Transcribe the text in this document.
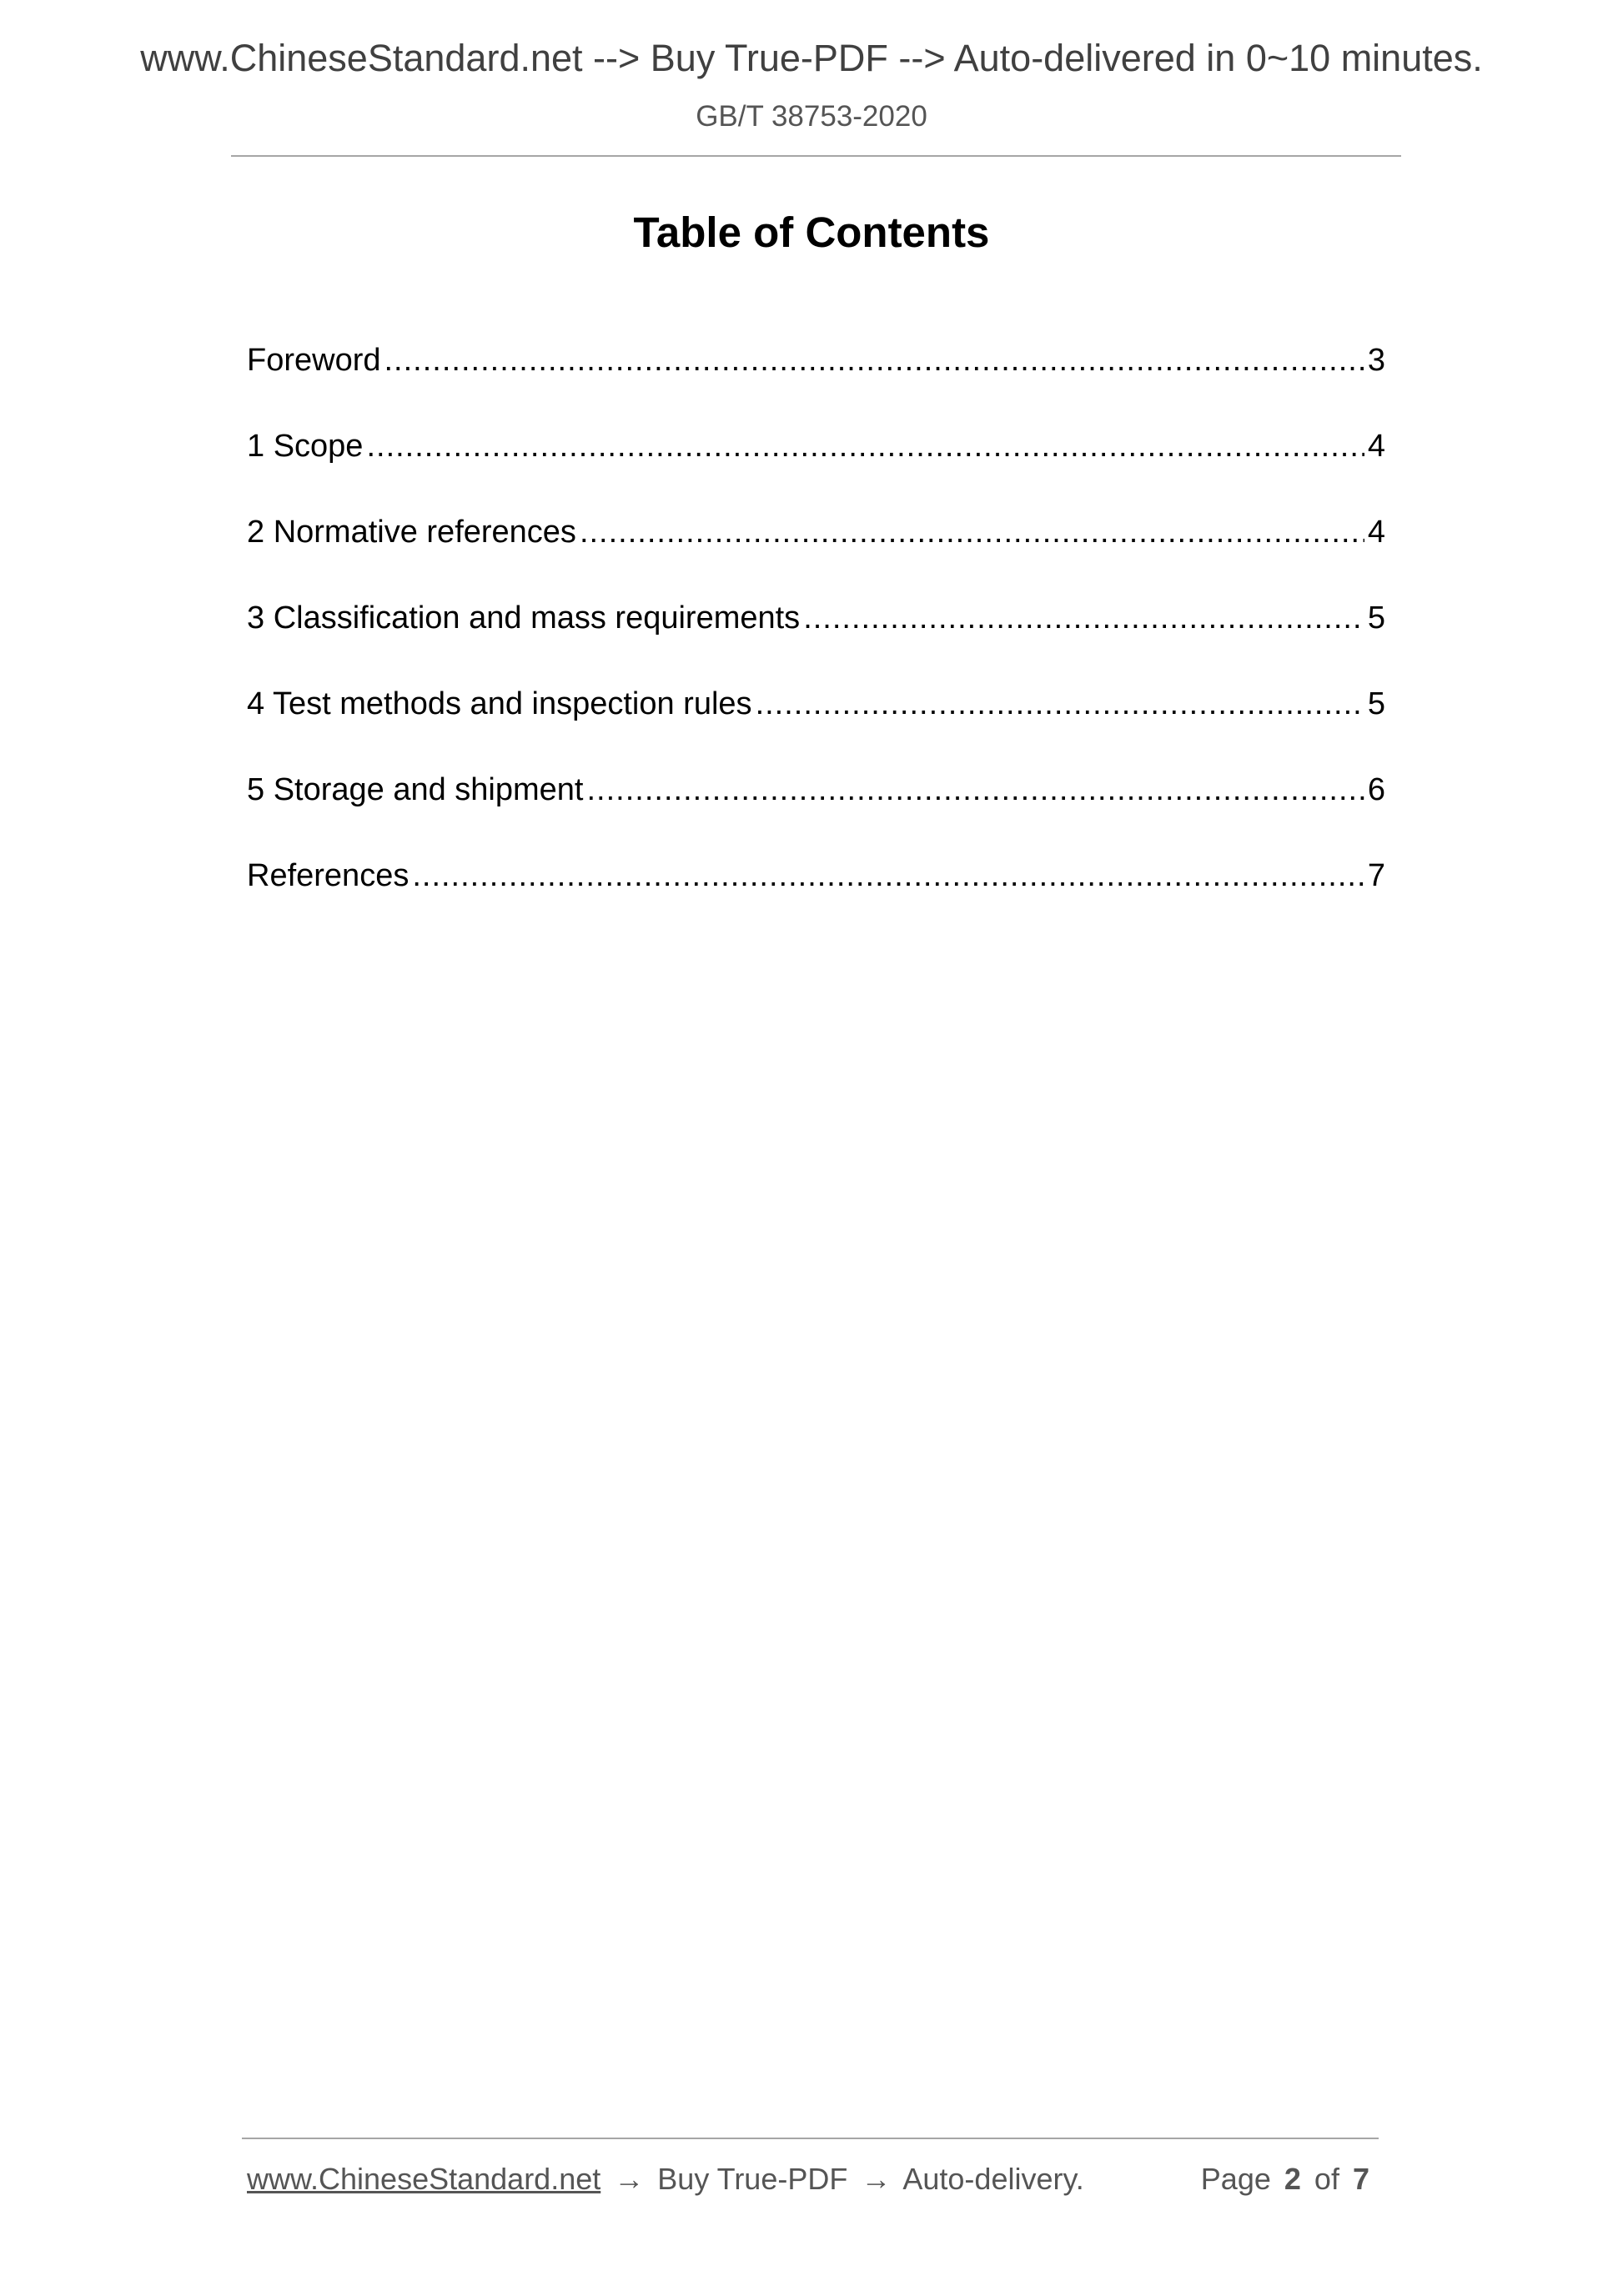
www.ChineseStandard.net --> Buy True-PDF --> Auto-delivered in 0~10 minutes.
GB/T 38753-2020
Table of Contents
Foreword .....	3
1 Scope .....	4
2 Normative references .....	4
3 Classification and mass requirements .....	5
4 Test methods and inspection rules .....	5
5 Storage and shipment .....	6
References .....	7
www.ChineseStandard.net → Buy True-PDF → Auto-delivery.	Page 2 of 7
